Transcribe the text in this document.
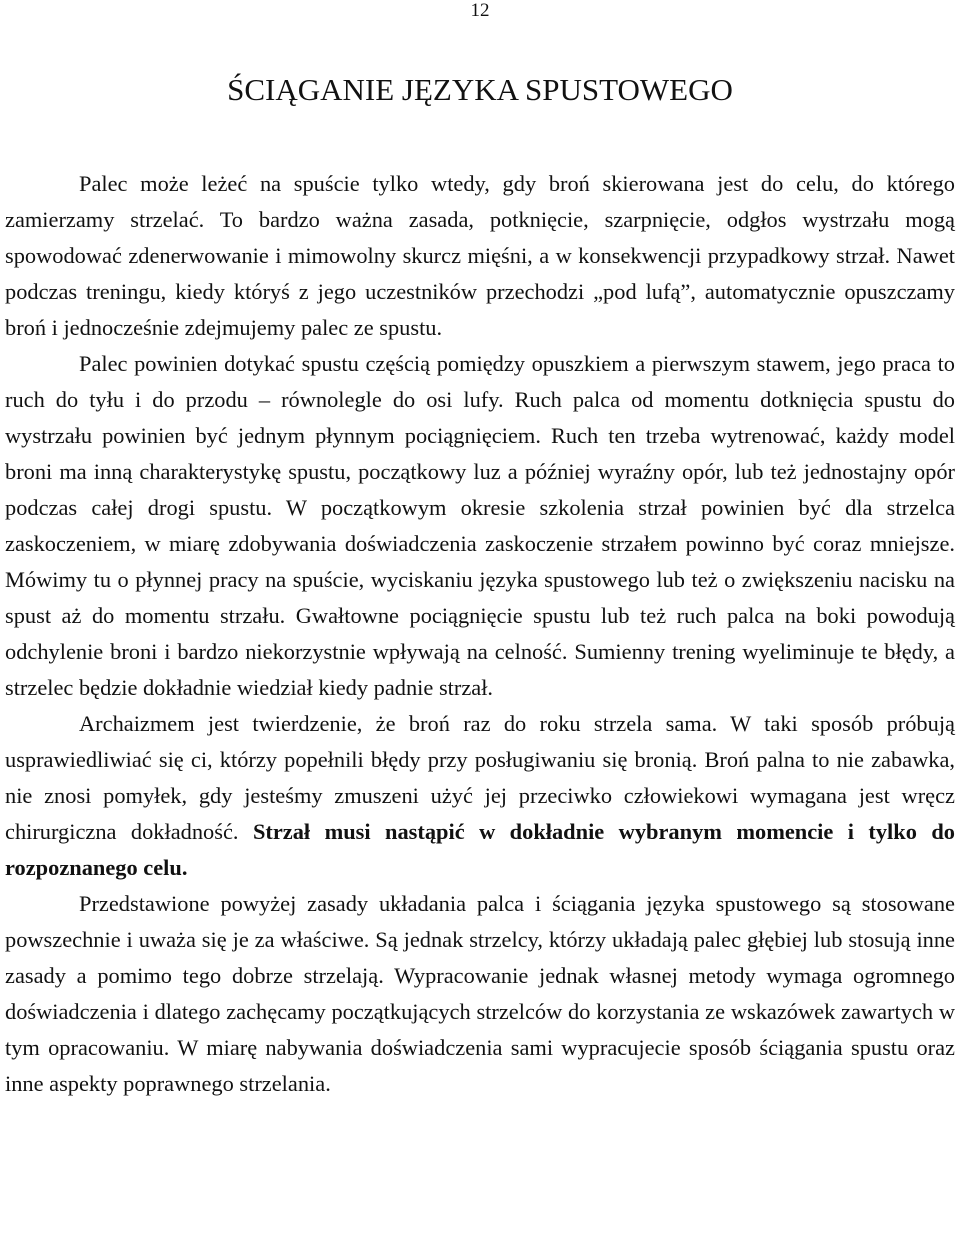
12
ŚCIĄGANIE JĘZYKA SPUSTOWEGO

Palec może leżeć na spuście tylko wtedy, gdy broń skierowana jest do celu, do którego zamierzamy strzelać. To bardzo ważna zasada, potknięcie, szarpnięcie, odgłos wystrzału mogą spowodować zdenerwowanie i mimowolny skurcz mięśni, a w konsekwencji przypadkowy strzał. Nawet podczas treningu, kiedy któryś z jego uczestników przechodzi „pod lufą”, automatycznie opuszczamy broń i jednocześnie zdejmujemy palec ze spustu.

Palec powinien dotykać spustu częścią pomiędzy opuszkiem a pierwszym stawem, jego praca to ruch do tyłu i do przodu – równolegle do osi lufy. Ruch palca od momentu dotknięcia spustu do wystrzału powinien być jednym płynnym pociągnięciem. Ruch ten trzeba wytrenować, każdy model broni ma inną charakterystykę spustu, początkowy luz a później wyraźny opór, lub też jednostajny opór podczas całej drogi spustu. W początkowym okresie szkolenia strzał powinien być dla strzelca zaskoczeniem, w miarę zdobywania doświadczenia zaskoczenie strzałem powinno być coraz mniejsze. Mówimy tu o płynnej pracy na spuście, wyciskaniu języka spustowego lub też o zwiększeniu nacisku na spust aż do momentu strzału. Gwałtowne pociągnięcie spustu lub też ruch palca na boki powodują odchylenie broni i bardzo niekorzystnie wpływają na celność. Sumienny trening wyeliminuje te błędy, a strzelec będzie dokładnie wiedział kiedy padnie strzał.

Archaizmem jest twierdzenie, że broń raz do roku strzela sama. W taki sposób próbują usprawiedliwiać się ci, którzy popełnili błędy przy posługiwaniu się bronią. Broń palna to nie zabawka, nie znosi pomyłek, gdy jesteśmy zmuszeni użyć jej przeciwko człowiekowi wymagana jest wręcz chirurgiczna dokładność. Strzał musi nastąpić w dokładnie wybranym momencie i tylko do rozpoznanego celu.

Przedstawione powyżej zasady układania palca i ściągania języka spustowego są stosowane powszechnie i uważa się je za właściwe. Są jednak strzelcy, którzy układają palec głębiej lub stosują inne zasady a pomimo tego dobrze strzelają. Wypracowanie jednak własnej metody wymaga ogromnego doświadczenia i dlatego zachęcamy początkujących strzelców do korzystania ze wskazówek zawartych w tym opracowaniu. W miarę nabywania doświadczenia sami wypracujecie sposób ściągania spustu oraz inne aspekty poprawnego strzelania.
